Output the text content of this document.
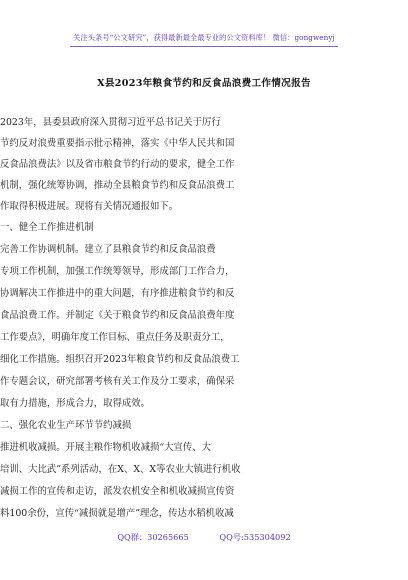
关注头条号“公文研究”，获得最新最全最专业的公文资料库！ 微信：gongwenyj
X县2023年粮食节约和反食品浪费工作情况报告
2023年，县委县政府深入贯彻习近平总书记关于厉行
节约反对浪费重要指示批示精神，落实《中华人民共和国
反食品浪费法》以及省市粮食节约行动的要求，健全工作
机制，强化统筹协调，推动全县粮食节约和反食品浪费工
作取得积极进展。现将有关情况通报如下。
一、健全工作推进机制
完善工作协调机制。建立了县粮食节约和反食品浪费
专项工作机制，加强工作统筹领导，形成部门工作合力，
协调解决工作推进中的重大问题，有序推进粮食节约和反
食品浪费工作。并制定《关于粮食节约和反食品浪费年度
工作要点》，明确年度工作目标、重点任务及职责分工，
细化工作措施。组织召开2023年粮食节约和反食品浪费工
作专题会议，研究部署考核有关工作及分工要求，确保采
取有力措施，形成合力，取得成效。
二、强化农业生产环节节约减损
推进机收减损。开展主粮作物机收减损“大宣传、大
培训、大比武”系列活动，在X、X、X等农业大镇进行机收
减损工作的宣传和走访，派发农机安全和机收减损宣传资
料100余份，宣传“减损就是增产”理念，传达水稻机收减
QQ群：30265665	QQ号:535304092
